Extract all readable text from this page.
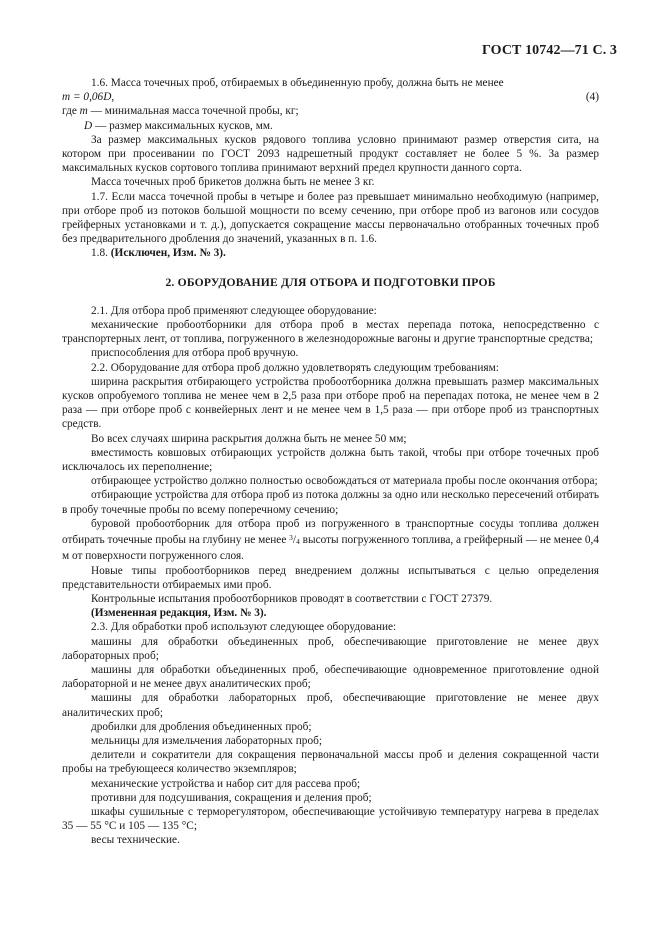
ГОСТ 10742—71 С. 3

1.6. Масса точечных проб, отбираемых в объединенную пробу, должна быть не менее

m = 0,06D,	(4)

где m — минимальная масса точечной пробы, кг;

D — размер максимальных кусков, мм.

За размер максимальных кусков рядового топлива условно принимают размер отверстия сита, на котором при просеивании по ГОСТ 2093 надрешетный продукт составляет не более 5 %. За размер максимальных кусков сортового топлива принимают верхний предел крупности данного сорта.

Масса точечных проб брикетов должна быть не менее 3 кг.

1.7. Если масса точечной пробы в четыре и более раз превышает минимально необходимую (например, при отборе проб из потоков большой мощности по всему сечению, при отборе проб из вагонов или сосудов грейферных установками и т. д.), допускается сокращение массы первоначально отобранных точечных проб без предварительного дробления до значений, указанных в п. 1.6.

1.8. (Исключен, Изм. № 3).

2. ОБОРУДОВАНИЕ ДЛЯ ОТБОРА И ПОДГОТОВКИ ПРОБ

2.1. Для отбора проб применяют следующее оборудование:

механические пробоотборники для отбора проб в местах перепада потока, непосредственно с транспортерных лент, от топлива, погруженного в железнодорожные вагоны и другие транспортные средства;

приспособления для отбора проб вручную.

2.2. Оборудование для отбора проб должно удовлетворять следующим требованиям:

ширина раскрытия отбирающего устройства пробоотборника должна превышать размер максимальных кусков опробуемого топлива не менее чем в 2,5 раза при отборе проб на перепадах потока, не менее чем в 2 раза — при отборе проб с конвейерных лент и не менее чем в 1,5 раза — при отборе проб из транспортных средств.

Во всех случаях ширина раскрытия должна быть не менее 50 мм;

вместимость ковшовых отбирающих устройств должна быть такой, чтобы при отборе точечных проб исключалось их переполнение;

отбирающее устройство должно полностью освобождаться от материала пробы после окончания отбора;

отбирающие устройства для отбора проб из потока должны за одно или несколько пересечений отбирать в пробу точечные пробы по всему поперечному сечению;

буровой пробоотборник для отбора проб из погруженного в транспортные сосуды топлива должен отбирать точечные пробы на глубину не менее $^3/_4$ высоты погруженного топлива, а грейферный — не менее 0,4 м от поверхности погруженного слоя.

Новые типы пробоотборников перед внедрением должны испытываться с целью определения представительности отбираемых ими проб.

Контрольные испытания пробоотборников проводят в соответствии с ГОСТ 27379.

(Измененная редакция, Изм. № 3).

2.3. Для обработки проб используют следующее оборудование:

машины для обработки объединенных проб, обеспечивающие приготовление не менее двух лабораторных проб;

машины для обработки объединенных проб, обеспечивающие одновременное приготовление одной лабораторной и не менее двух аналитических проб;

машины для обработки лабораторных проб, обеспечивающие приготовление не менее двух аналитических проб;

дробилки для дробления объединенных проб;

мельницы для измельчения лабораторных проб;

делители и сократители для сокращения первоначальной массы проб и деления сокращенной части пробы на требующееся количество экземпляров;

механические устройства и набор сит для рассева проб;

противни для подсушивания, сокращения и деления проб;

шкафы сушильные с терморегулятором, обеспечивающие устойчивую температуру нагрева в пределах 35 — 55 °С и 105 — 135 °С;

весы технические.
